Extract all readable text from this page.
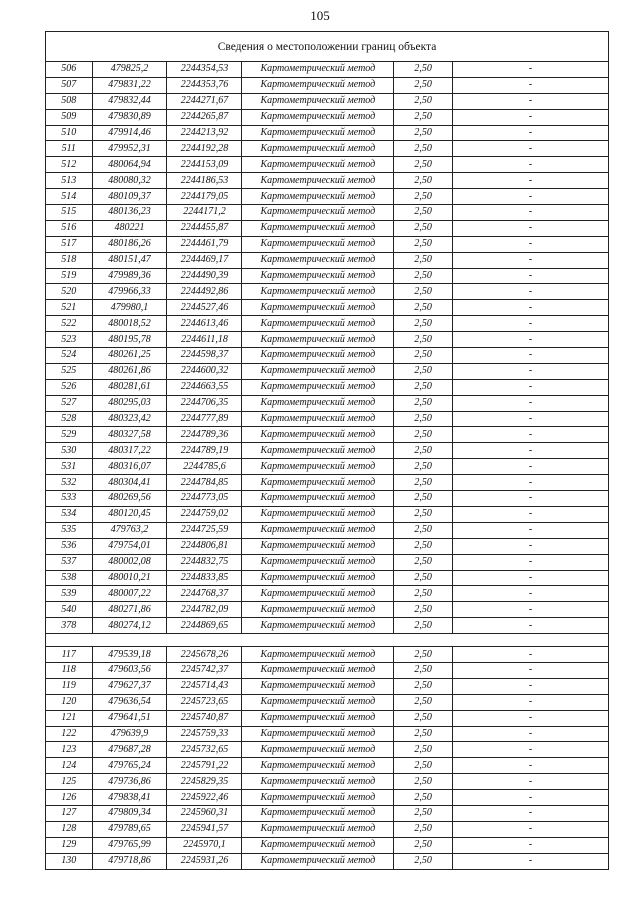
105
Сведения о местоположении границ объекта					
506	479825,2	2244354,53	Картометрический метод	2,50	-
507	479831,22	2244353,76	Картометрический метод	2,50	-
508	479832,44	2244271,67	Картометрический метод	2,50	-
509	479830,89	2244265,87	Картометрический метод	2,50	-
510	479914,46	2244213,92	Картометрический метод	2,50	-
511	479952,31	2244192,28	Картометрический метод	2,50	-
512	480064,94	2244153,09	Картометрический метод	2,50	-
513	480080,32	2244186,53	Картометрический метод	2,50	-
514	480109,37	2244179,05	Картометрический метод	2,50	-
515	480136,23	2244171,2	Картометрический метод	2,50	-
516	480221	2244455,87	Картометрический метод	2,50	-
517	480186,26	2244461,79	Картометрический метод	2,50	-
518	480151,47	2244469,17	Картометрический метод	2,50	-
519	479989,36	2244490,39	Картометрический метод	2,50	-
520	479966,33	2244492,86	Картометрический метод	2,50	-
521	479980,1	2244527,46	Картометрический метод	2,50	-
522	480018,52	2244613,46	Картометрический метод	2,50	-
523	480195,78	2244611,18	Картометрический метод	2,50	-
524	480261,25	2244598,37	Картометрический метод	2,50	-
525	480261,86	2244600,32	Картометрический метод	2,50	-
526	480281,61	2244663,55	Картометрический метод	2,50	-
527	480295,03	2244706,35	Картометрический метод	2,50	-
528	480323,42	2244777,89	Картометрический метод	2,50	-
529	480327,58	2244789,36	Картометрический метод	2,50	-
530	480317,22	2244789,19	Картометрический метод	2,50	-
531	480316,07	2244785,6	Картометрический метод	2,50	-
532	480304,41	2244784,85	Картометрический метод	2,50	-
533	480269,56	2244773,05	Картометрический метод	2,50	-
534	480120,45	2244759,02	Картометрический метод	2,50	-
535	479763,2	2244725,59	Картометрический метод	2,50	-
536	479754,01	2244806,81	Картометрический метод	2,50	-
537	480002,08	2244832,75	Картометрический метод	2,50	-
538	480010,21	2244833,85	Картометрический метод	2,50	-
539	480007,22	2244768,37	Картометрический метод	2,50	-
540	480271,86	2244782,09	Картометрический метод	2,50	-
378	480274,12	2244869,65	Картометрический метод	2,50	-

117	479539,18	2245678,26	Картометрический метод	2,50	-
118	479603,56	2245742,37	Картометрический метод	2,50	-
119	479627,37	2245714,43	Картометрический метод	2,50	-
120	479636,54	2245723,65	Картометрический метод	2,50	-
121	479641,51	2245740,87	Картометрический метод	2,50	-
122	479639,9	2245759,33	Картометрический метод	2,50	-
123	479687,28	2245732,65	Картометрический метод	2,50	-
124	479765,24	2245791,22	Картометрический метод	2,50	-
125	479736,86	2245829,35	Картометрический метод	2,50	-
126	479838,41	2245922,46	Картометрический метод	2,50	-
127	479809,34	2245960,31	Картометрический метод	2,50	-
128	479789,65	2245941,57	Картометрический метод	2,50	-
129	479765,99	2245970,1	Картометрический метод	2,50	-
130	479718,86	2245931,26	Картометрический метод	2,50	-
